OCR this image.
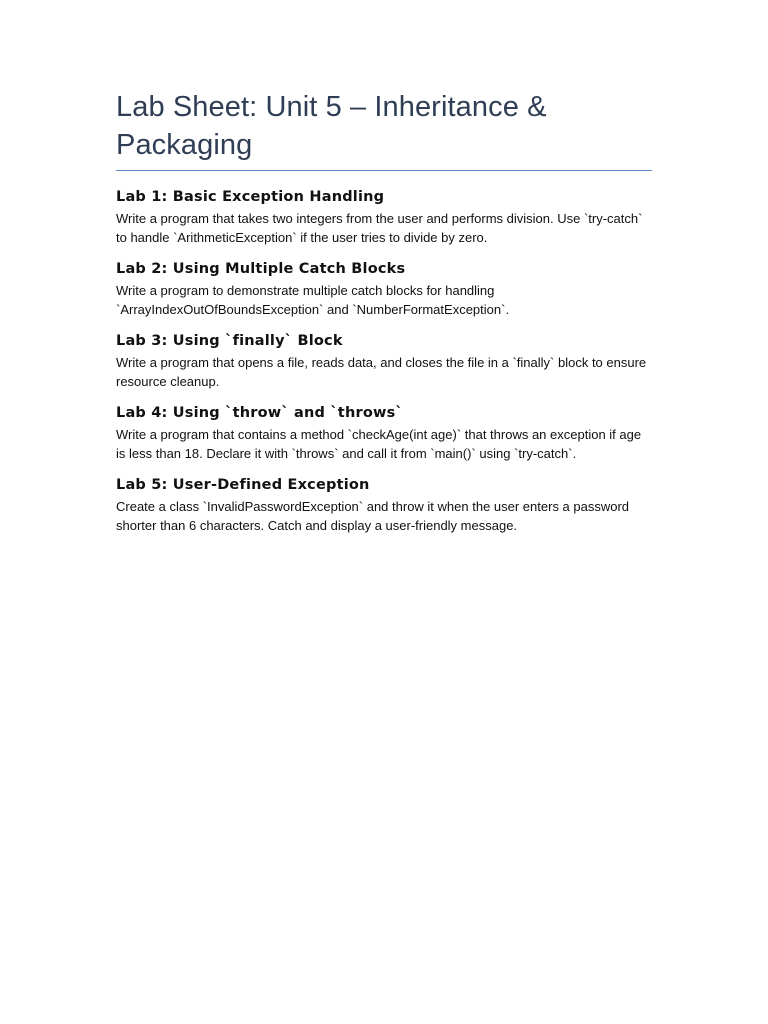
Lab Sheet: Unit 5 – Inheritance & Packaging
Lab 1: Basic Exception Handling

Write a program that takes two integers from the user and performs division. Use `try-catch` to handle `ArithmeticException` if the user tries to divide by zero.

Lab 2: Using Multiple Catch Blocks

Write a program to demonstrate multiple catch blocks for handling `ArrayIndexOutOfBoundsException` and `NumberFormatException`.

Lab 3: Using `finally` Block

Write a program that opens a file, reads data, and closes the file in a `finally` block to ensure resource cleanup.

Lab 4: Using `throw` and `throws`

Write a program that contains a method `checkAge(int age)` that throws an exception if age is less than 18. Declare it with `throws` and call it from `main()` using `try-catch`.

Lab 5: User-Defined Exception

Create a class `InvalidPasswordException` and throw it when the user enters a password shorter than 6 characters. Catch and display a user-friendly message.
